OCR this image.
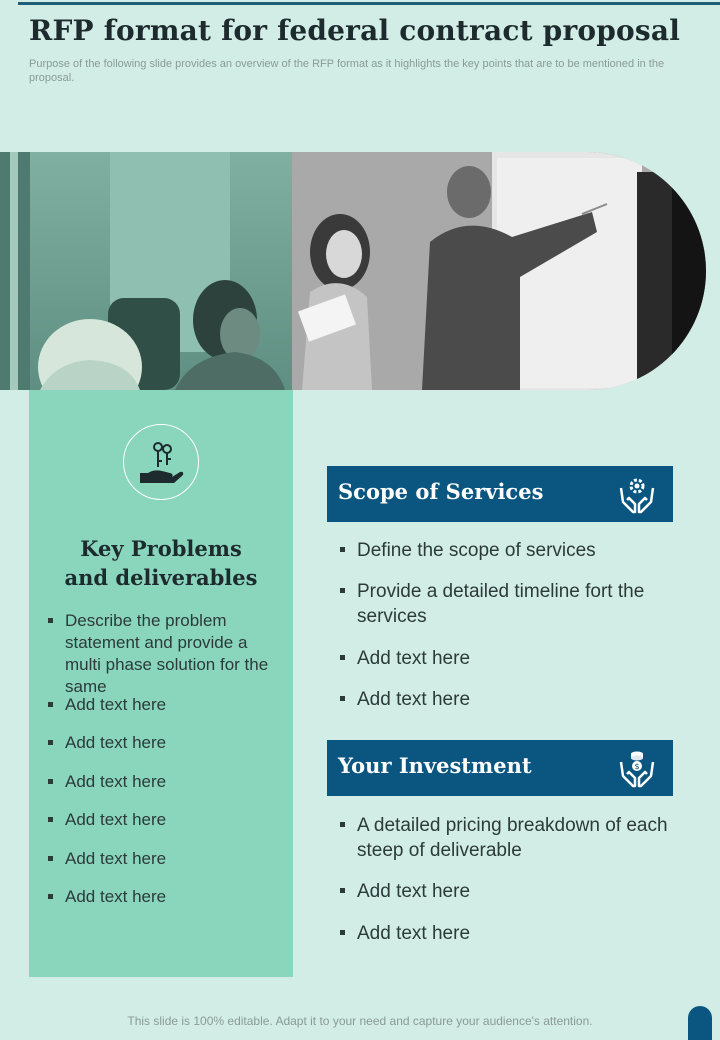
RFP format for federal contract proposal

Purpose of the following slide provides an overview of the RFP format as it highlights the key points that are to be mentioned in the proposal.

Key Problems
and deliverables
Describe the problem statement and provide a multi phase solution for the same
Add text here
Add text here
Add text here
Add text here
Add text here
Add text here
Scope of Services
Define the scope of services
Provide a detailed timeline fort the services
Add text here
Add text here
Your Investment	$
A detailed pricing breakdown of each steep of deliverable
Add text here
Add text here
This slide is 100% editable. Adapt it to your need and capture your audience's attention.
